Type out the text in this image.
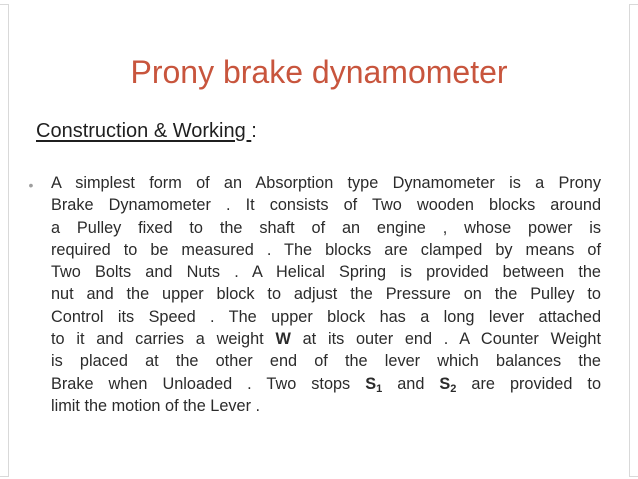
Prony brake dynamometer
Construction & Working :
• A simplest form of an Absorption type Dynamometer is a Prony
Brake Dynamometer . It consists of Two wooden blocks around
a Pulley fixed to the shaft of an engine , whose power is
required to be measured . The blocks are clamped by means of
Two Bolts and Nuts . A Helical Spring is provided between the
nut and the upper block to adjust the Pressure on the Pulley to
Control its Speed . The upper block has a long lever attached
to it and carries a weight W at its outer end . A Counter Weight
is placed at the other end of the lever which balances the
Brake when Unloaded . Two stops $S_1$ and $S_2$ are provided to
limit the motion of the Lever .
